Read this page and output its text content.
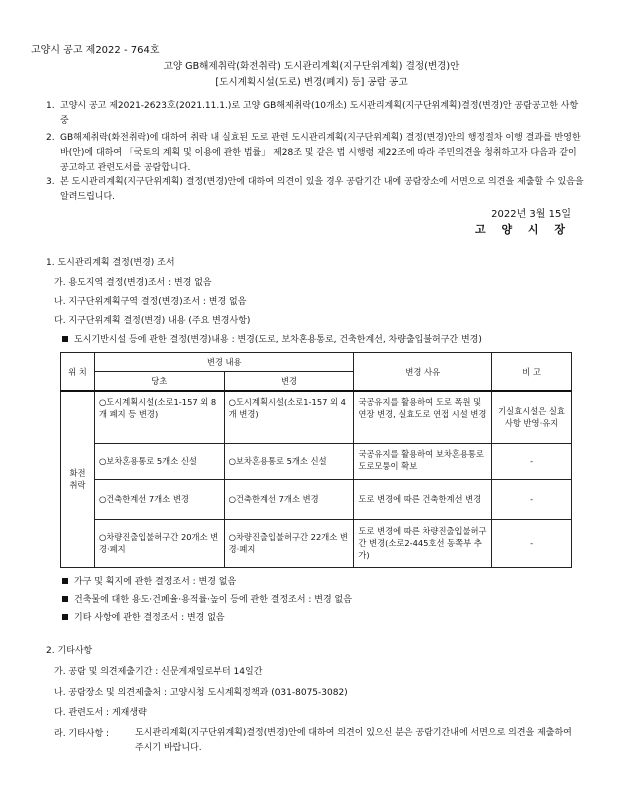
고양시 공고 제2022 - 764호
고양 GB해제취락(화전취락) 도시관리계획(지구단위계획) 결정(변경)안
[도시계획시설(도로) 변경(폐지) 등] 공람 공고
1. 고양시 공고 제2021-2623호(2021.11.1.)로 고양 GB해제취락(10개소) 도시관리계획(지구단위계획)결정(변경)안 공람공고한 사항 중
2. GB해제취락(화전취락)에 대하여 취락 내 실효된 도로 관련 도시관리계획(지구단위계획) 결정(변경)안의 행정절차 이행 결과를 반영한 바(안)에 대하여 「국토의 계획 및 이용에 관한 법률」 제28조 및 같은 법 시행령 제22조에 따라 주민의견을 청취하고자 다음과 같이 공고하고 관련도서를 공람합니다.
3. 본 도시관리계획(지구단위계획) 결정(변경)안에 대하여 의견이 있을 경우 공람기간 내에 공람장소에 서면으로 의견을 제출할 수 있음을 알려드립니다.
2022년 3월 15일
고 양 시 장
1. 도시관리계획 결정(변경) 조서
가. 용도지역 결정(변경)조서 : 변경 없음
나. 지구단위계획구역 결정(변경)조서 : 변경 없음
다. 지구단위계획 결정(변경) 내용 (주요 변경사항)
도시기반시설 등에 관한 결정(변경)내용 : 변경(도로, 보차혼용통로, 건축한계선, 차량출입불허구간 변경)
위 치	변경 내용		변경 사유	비 고
	당초	변경		
화전
취락	○도시계획시설(소로1-157 외 8개 폐지 등 변경)	○도시계획시설(소로1-157 외 4개 변경)	국공유지를 활용하여 도로 폭원 및 연장 변경, 실효도로 연접 시설 변경	기실효시설은 실효사항 반영·유지

	○보차혼용통로 5개소 신설	○보차혼용통로 5개소 신설	국공유지를 활용하여 보차혼용통로 도로모퉁이 확보	-

	○건축한계선 7개소 변경	○건축한계선 7개소 변경	도로 변경에 따른 건축한계선 변경	-

	○차량진출입불허구간 20개소 변경·폐지	○차량진출입불허구간 22개소 변경·폐지	도로 변경에 따른 차량진출입불허구간 변경(소로2-445호선 동쪽부 추가)	-
가구 및 획지에 관한 결정조서 : 변경 없음
건축물에 대한 용도·건폐율·용적률·높이 등에 관한 결정조서 : 변경 없음
기타 사항에 관한 결정조서 : 변경 없음
2. 기타사항
가. 공람 및 의견제출기간 : 신문게재일로부터 14일간
나. 공람장소 및 의견제출처 : 고양시청 도시계획정책과 (031-8075-3082)
다. 관련도서 : 게재생략
라. 기타사항 :	도시관리계획(지구단위계획)결정(변경)안에 대하여 의견이 있으신 분은 공람기간내에 서면으로 의견을 제출하여 주시기 바랍니다.
